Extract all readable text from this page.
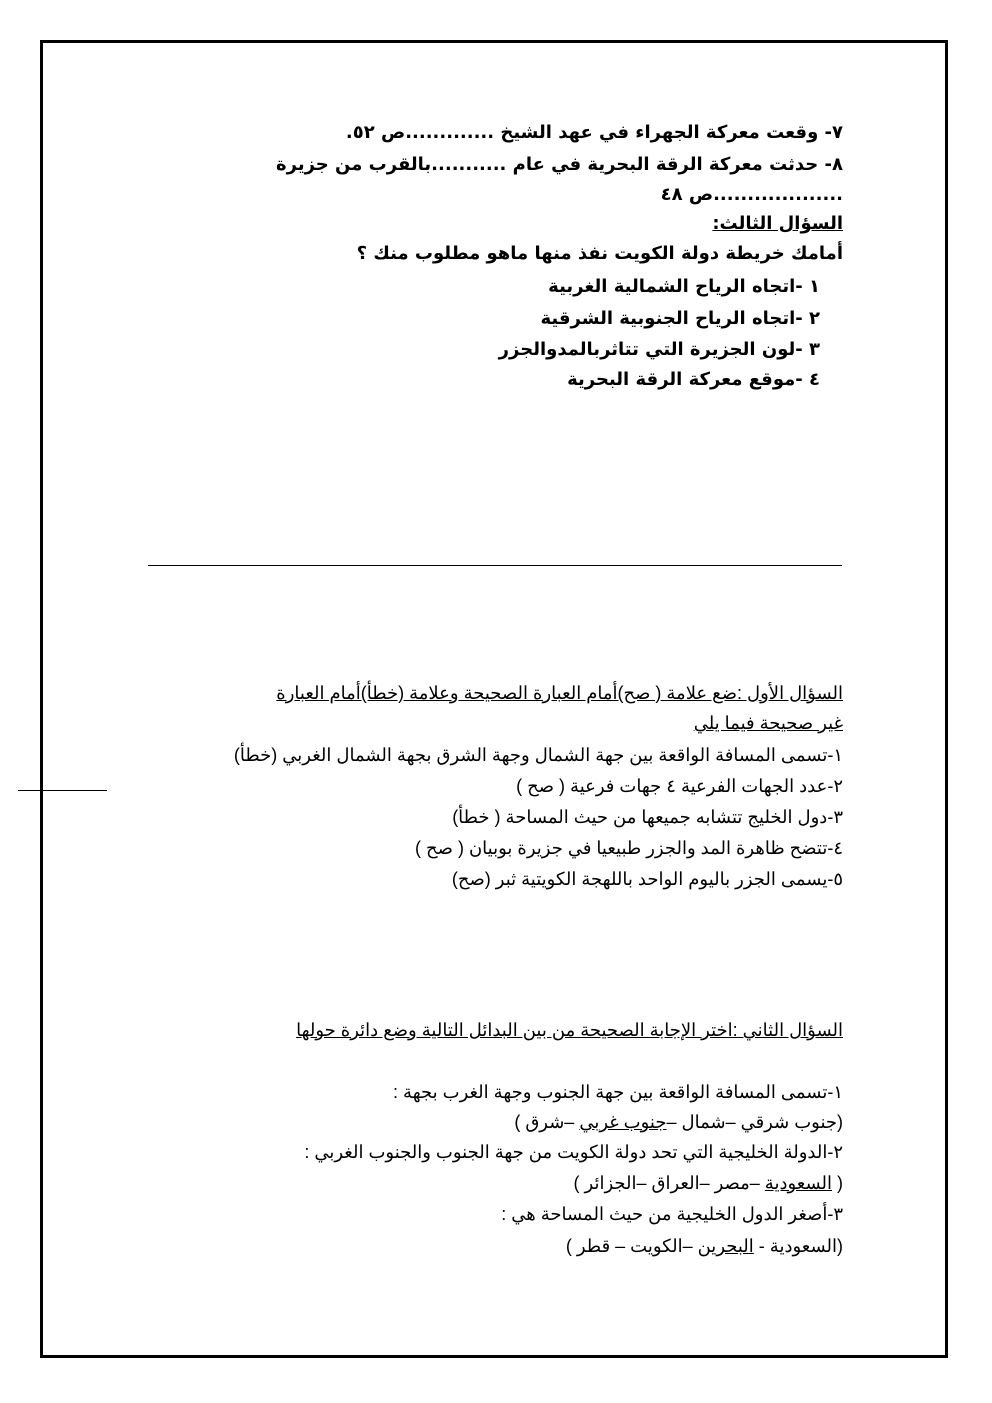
٧- وقعت معركة الجهراء في عهد الشيخ .............ص ٥٢.
٨- حدثت معركة الرقة البحرية في عام ...........بالقرب من جزيرة
...................ص ٤٨
السؤال الثالث:
أمامك خريطة دولة الكويت نفذ منها ماهو مطلوب منك ؟
١ -اتجاه الرياح الشمالية الغربية
٢ -اتجاه الرياح الجنوبية الشرقية
٣ -لون الجزيرة التي تتاثربالمدوالجزر
٤ -موقع معركة الرقة البحرية
السؤال الأول :ضع علامة ( صح)أمام العبارة الصحيحة وعلامة (خطأ)أمام العبارة
غير صحيحة فيما يلي
١-تسمى المسافة الواقعة بين جهة الشمال وجهة الشرق بجهة الشمال الغربي (خطأ)
٢-عدد الجهات الفرعية ٤ جهات فرعية ( صح )
٣-دول الخليج تتشابه جميعها من حيث المساحة ( خطأ)
٤-تتضح ظاهرة المد والجزر طبيعيا في جزيرة بوبيان ( صح )
٥-يسمى الجزر باليوم الواحد باللهجة الكويتية ثبر (صح)
السؤال الثاني :اختر الإجابة الصحيحة من بين البدائل التالية وضع دائرة حولها
١-تسمى المسافة الواقعة بين جهة الجنوب وجهة الغرب بجهة :
(جنوب شرقي –شمال –جنوب غربي –شرق )
٢-الدولة الخليجية التي تحد دولة الكويت من جهة الجنوب والجنوب الغربي :
( السعودية –مصر –العراق –الجزائر )
٣-أصغر الدول الخليجية من حيث المساحة هي :
(السعودية - البحرين –الكويت – قطر )
